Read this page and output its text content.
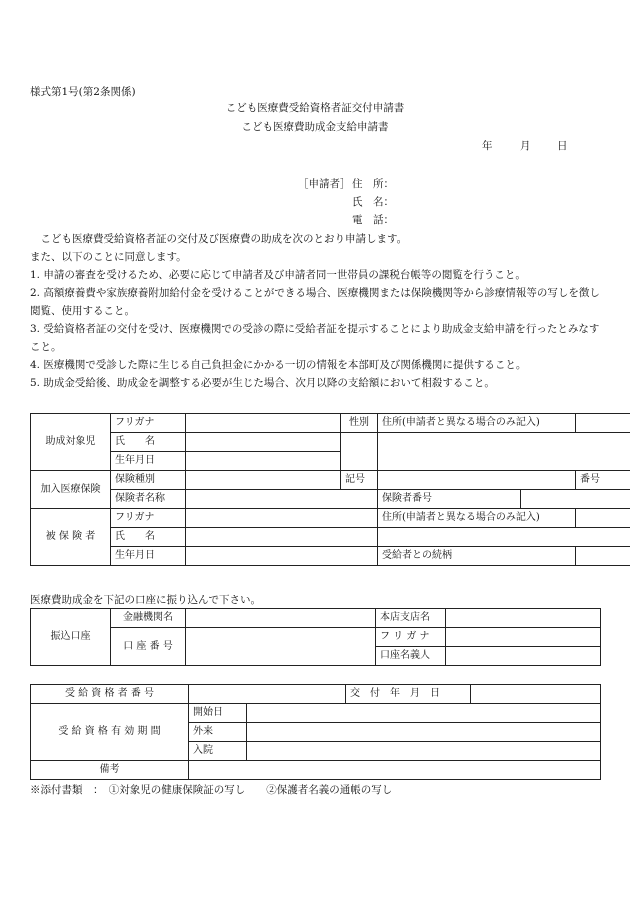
様式第1号(第2条関係)
こども医療費受給資格者証交付申請書
こども医療費助成金支給申請書
年	月	日
［申請者］ 住　所：
氏　名：
電　話：
　こども医療費受給資格者証の交付及び医療費の助成を次のとおり申請します。
また、以下のことに同意します。
1. 申請の審査を受けるため、必要に応じて申請者及び申請者同一世帯員の課税台帳等の閲覧を行うこと。
2. 高額療養費や家族療養附加給付金を受けることができる場合、医療機関または保険機関等から診療情報等の写しを徴し閲覧、使用すること。
3. 受給資格者証の交付を受け、医療機関での受診の際に受給者証を提示することにより助成金支給申請を行ったとみなすこと。
4. 医療機関で受診した際に生じる自己負担金にかかる一切の情報を本部町及び関係機関に提供すること。
5. 助成金受給後、助成金を調整する必要が生じた場合、次月以降の支給額において相殺すること。
助成対象児	フリガナ		性別	住所(申請者と異なる場合のみ記入)		
	氏　　名					
	生年月日					
加入医療保険	保険種別		記号			番号
	保険者名称			保険者番号		
被 保 険 者	フリガナ			住所(申請者と異なる場合のみ記入)		
	氏　　名					
	生年月日			受給者との続柄		
医療費助成金を下記の口座に振り込んで下さい。
振込口座	金融機関名		本店支店名	
	口 座 番 号		フ リ ガ ナ	
			口座名義人	
受 給 資 格 者 番 号			交　付　年　月　日	
受 給 資 格 有 効 期 間	開始日			
	外来			
	入院			
備考				
※添付書類　：　①対象児の健康保険証の写し　　②保護者名義の通帳の写し
